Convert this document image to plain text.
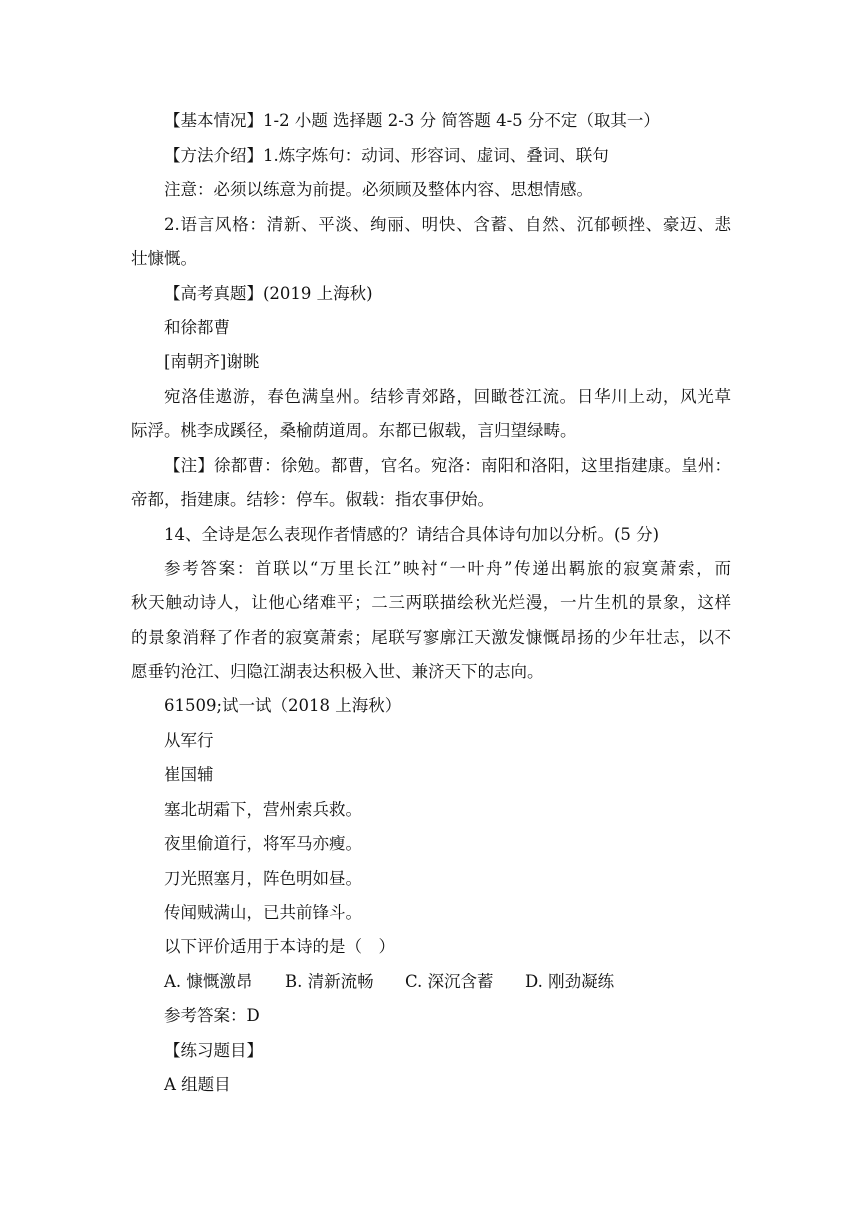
【基本情况】1-2 小题 选择题 2-3 分 简答题 4-5 分不定（取其一）
【方法介绍】1.炼字炼句：动词、形容词、虚词、叠词、联句
注意：必须以练意为前提。必须顾及整体内容、思想情感。
2.语言风格：清新、平淡、绚丽、明快、含蓄、自然、沉郁顿挫、豪迈、悲
壮慷慨。
【高考真题】(2019 上海秋)
和徐都曹
[南朝齐]谢眺
宛洛佳遨游，春色满皇州。结轸青郊路，回瞰苍江流。日华川上动，风光草
际浮。桃李成蹊径，桑榆荫道周。东都已俶载，言归望绿畴。
【注】徐都曹：徐勉。都曹，官名。宛洛：南阳和洛阳，这里指建康。皇州：
帝都，指建康。结轸：停车。俶载：指农事伊始。
14、全诗是怎么表现作者情感的？请结合具体诗句加以分析。(5 分)
参考答案：首联以“万里长江”映衬“一叶舟”传递出羁旅的寂寞萧索，而
秋天触动诗人，让他心绪难平；二三两联描绘秋光烂漫，一片生机的景象，这样
的景象消释了作者的寂寞萧索；尾联写寥廓江天激发慷慨昂扬的少年壮志，以不
愿垂钓沧江、归隐江湖表达积极入世、兼济天下的志向。
61509;试一试（2018 上海秋）
从军行
崔国辅
塞北胡霜下，营州索兵救。
夜里偷道行，将军马亦瘦。
刀光照塞月，阵色明如昼。
传闻贼满山，已共前锋斗。
以下评价适用于本诗的是（　）
A. 慷慨激昂	B. 清新流畅	C. 深沉含蓄	D. 刚劲凝练
参考答案：D
【练习题目】
A 组题目
